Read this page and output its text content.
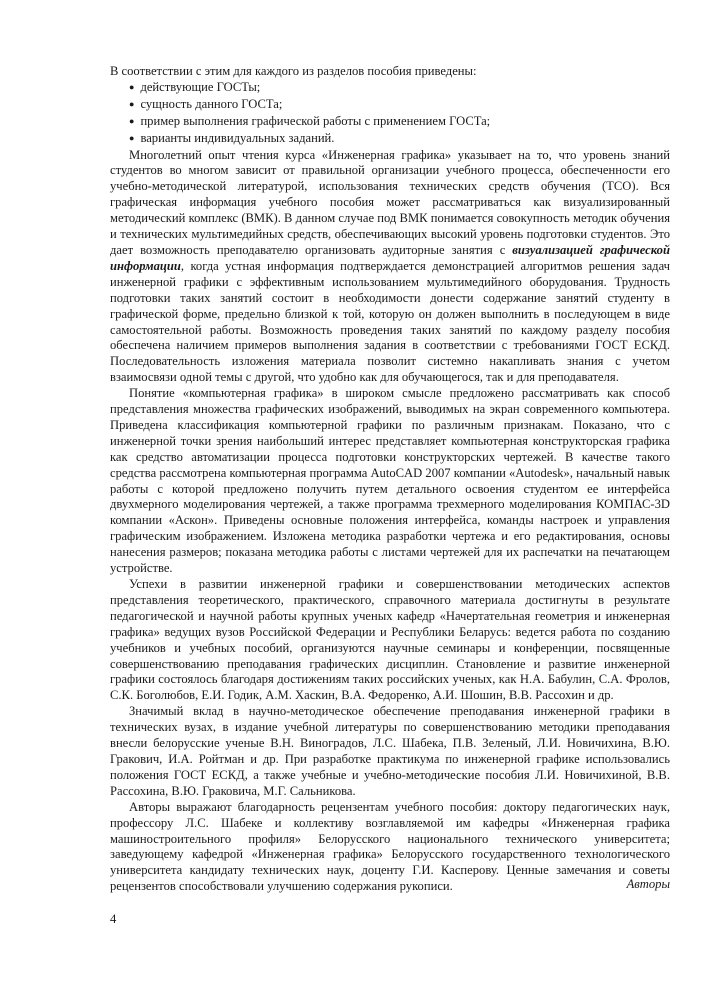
В соответствии с этим для каждого из разделов пособия приведены:

● действующие ГОСТы;
● сущность данного ГОСТа;
● пример выполнения графической работы с применением ГОСТа;
● варианты индивидуальных заданий.

Многолетний опыт чтения курса «Инженерная графика» указывает на то, что уровень знаний студентов во многом зависит от правильной организации учебного процесса, обеспеченности его учебно-методической литературой, использования технических средств обучения (ТСО). Вся графическая информация учебного пособия может рассматриваться как визуализированный методический комплекс (ВМК). В данном случае под ВМК понимается совокупность методик обучения и технических мультимедийных средств, обеспечивающих высокий уровень подготовки студентов. Это дает возможность преподавателю организовать аудиторные занятия с визуализацией графической информации, когда устная информация подтверждается демонстрацией алгоритмов решения задач инженерной графики с эффективным использованием мультимедийного оборудования. Трудность подготовки таких занятий состоит в необходимости донести содержание занятий студенту в графической форме, предельно близкой к той, которую он должен выполнить в последующем в виде самостоятельной работы. Возможность проведения таких занятий по каждому разделу пособия обеспечена наличием примеров выполнения задания в соответствии с требованиями ГОСТ ЕСКД. Последовательность изложения материала позволит системно накапливать знания с учетом взаимосвязи одной темы с другой, что удобно как для обучающегося, так и для преподавателя.

Понятие «компьютерная графика» в широком смысле предложено рассматривать как способ представления множества графических изображений, выводимых на экран современного компьютера. Приведена классификация компьютерной графики по различным признакам. Показано, что с инженерной точки зрения наибольший интерес представляет компьютерная конструкторская графика как средство автоматизации процесса подготовки конструкторских чертежей. В качестве такого средства рассмотрена компьютерная программа AutoCAD 2007 компании «Autodesk», начальный навык работы с которой предложено получить путем детального освоения студентом ее интерфейса двухмерного моделирования чертежей, а также программа трехмерного моделирования КОМПАС-3D компании «Аскон». Приведены основные положения интерфейса, команды настроек и управления графическим изображением. Изложена методика разработки чертежа и его редактирования, основы нанесения размеров; показана методика работы с листами чертежей для их распечатки на печатающем устройстве.

Успехи в развитии инженерной графики и совершенствовании методических аспектов представления теоретического, практического, справочного материала достигнуты в результате педагогической и научной работы крупных ученых кафедр «Начертательная геометрия и инженерная графика» ведущих вузов Российской Федерации и Республики Беларусь: ведется работа по созданию учебников и учебных пособий, организуются научные семинары и конференции, посвященные совершенствованию преподавания графических дисциплин. Становление и развитие инженерной графики состоялось благодаря достижениям таких российских ученых, как Н.А. Бабулин, С.А. Фролов, С.К. Боголюбов, Е.И. Годик, А.М. Хаскин, В.А. Федоренко, А.И. Шошин, В.В. Рассохин и др.

Значимый вклад в научно-методическое обеспечение преподавания инженерной графики в технических вузах, в издание учебной литературы по совершенствованию методики преподавания внесли белорусские ученые В.Н. Виноградов, Л.С. Шабека, П.В. Зеленый, Л.И. Новичихина, В.Ю. Гракович, И.А. Ройтман и др. При разработке практикума по инженерной графике использовались положения ГОСТ ЕСКД, а также учебные и учебно-методические пособия Л.И. Новичихиной, В.В. Рассохина, В.Ю. Граковича, М.Г. Сальникова.

Авторы выражают благодарность рецензентам учебного пособия: доктору педагогических наук, профессору Л.С. Шабеке и коллективу возглавляемой им кафедры «Инженерная графика машиностроительного профиля» Белорусского национального технического университета; заведующему кафедрой «Инженерная графика» Белорусского государственного технологического университета кандидату технических наук, доценту Г.И. Касперову. Ценные замечания и советы рецензентов способствовали улучшению содержания рукописи.	Авторы
4
